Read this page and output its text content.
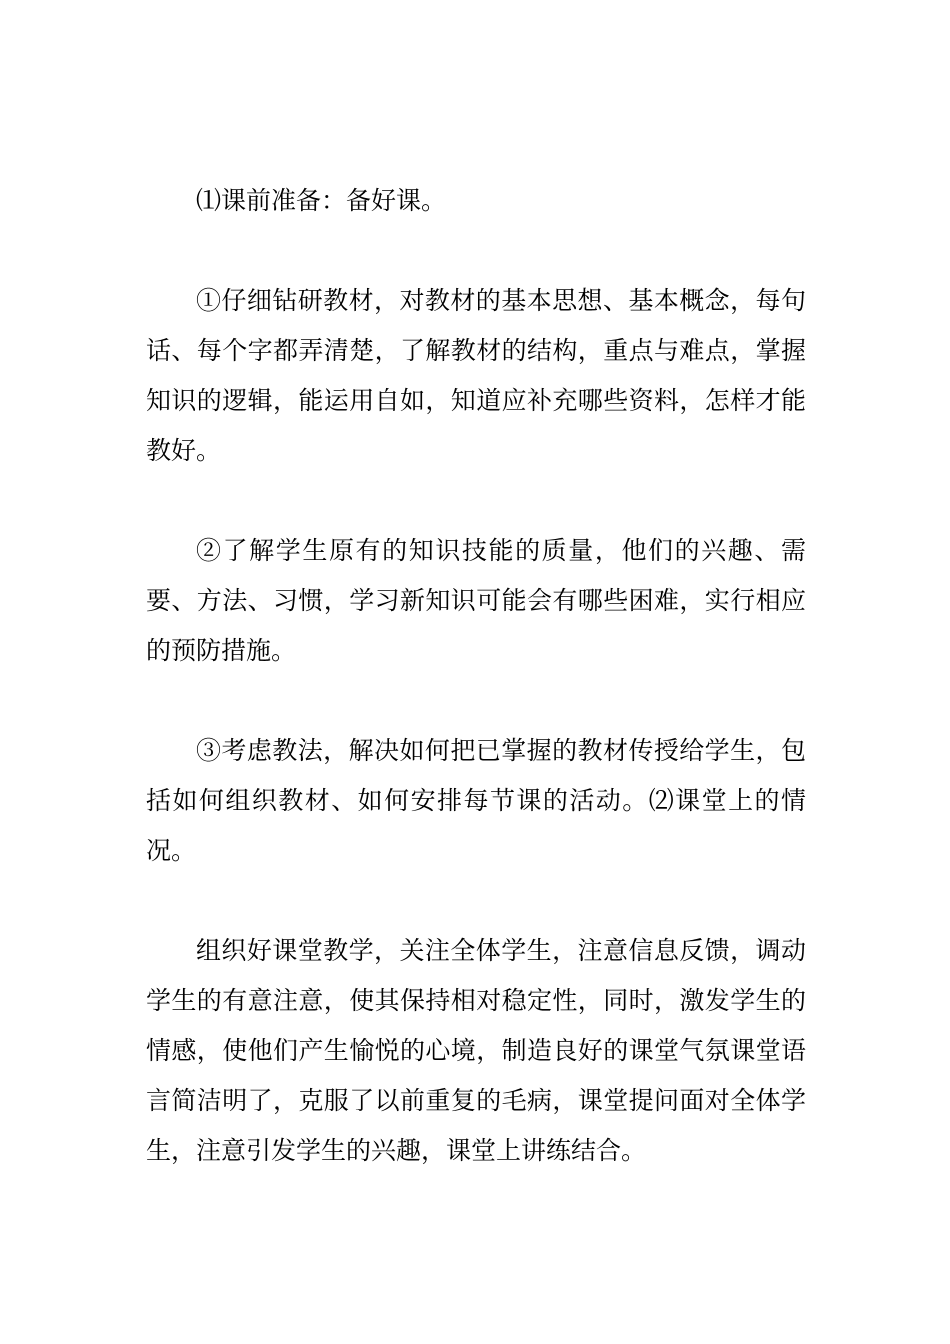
⑴课前准备：备好课。

①仔细钻研教材，对教材的基本思想、基本概念，每句话、每个字都弄清楚，了解教材的结构，重点与难点，掌握知识的逻辑，能运用自如，知道应补充哪些资料，怎样才能教好。

②了解学生原有的知识技能的质量，他们的兴趣、需要、方法、习惯，学习新知识可能会有哪些困难，实行相应的预防措施。

③考虑教法，解决如何把已掌握的教材传授给学生，包括如何组织教材、如何安排每节课的活动。⑵课堂上的情况。

组织好课堂教学，关注全体学生，注意信息反馈，调动学生的有意注意，使其保持相对稳定性，同时，激发学生的情感，使他们产生愉悦的心境，制造良好的课堂气氛课堂语言简洁明了，克服了以前重复的毛病，课堂提问面对全体学生，注意引发学生的兴趣，课堂上讲练结合。
